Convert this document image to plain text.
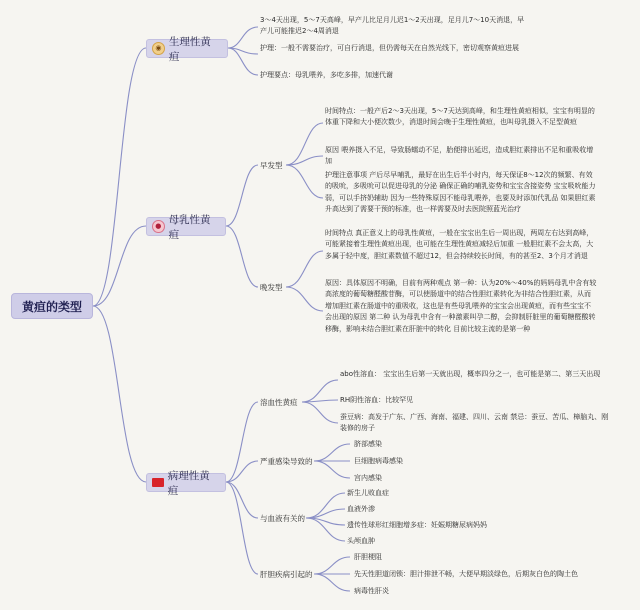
黄疸的类型
◉
生理性黄疸
3～4天出现，5～7天高峰，早产儿比足月儿迟1～2天出现，足月儿7～10天消退，早产儿可能推迟2～4周消退
护理：一般不需要治疗，可自行消退，但仍需每天在自然光线下，密切观察黄疸进展
护理要点：母乳喂养，多吃多排，加速代谢
●
母乳性黄疸
早发型
时间特点：一般产后2～3天出现，5～7天达到高峰，和生理性黄疸相似，宝宝有明显的体重下降和大小便次数少，消退时间会晚于生理性黄疸，也叫母乳摄入不足型黄疸
原因 喂养摄入不足，导致肠蠕动不足，胎便排出延迟，造成胆红素排出不足和重吸收增加
护理注意事项 产后尽早哺乳，最好在出生后半小时内，每天保证8～12次的频繁、有效的吸吮，多吸吮可以促进母乳的分泌 确保正确的哺乳姿势和宝宝含接姿势 宝宝吸吮能力弱，可以手挤奶辅助 因为一些特殊原因不能母乳喂养，也要及时添加代乳品 如果胆红素升高达到了需要干预的标准，也一样需要及时去医院照蓝光治疗
晚发型
时间特点 真正意义上的母乳性黄疸，一般在宝宝出生后一周出现，两周左右达到高峰，可能紧接着生理性黄疸出现，也可能在生理性黄疸减轻后加重 一般胆红素不会太高，大多属于轻中度，胆红素数值不超过12，但会持续较长时间，有的甚至2、3个月才消退
原因：具体原因不明确，目前有两种观点 第一种：认为20%～40%的妈妈母乳中含有较高浓度的葡萄糖醛酸苷酶，可以使肠道中的结合性胆红素转化为非结合性胆红素，从而增加胆红素在肠道中的重吸收，这也是有些母乳喂养的宝宝会出现黄疸，而有些宝宝不会出现的原因 第二种 认为母乳中含有一种激素叫孕二醇，会抑制肝脏里的葡萄糖醛酸转移酶，影响未结合胆红素在肝脏中的转化 目前比较主流的是第一种
■
病理性黄疸
溶血性黄疸
abo性溶血： 宝宝出生后第一天就出现，概率四分之一，也可能是第二、第三天出现
RH阴性溶血：比较罕见
蚕豆病：高发于广东、广西、海南、福建、四川、云南 禁忌：蚕豆、苦瓜、樟脑丸、刚装修的房子
严重感染导致的
脐部感染
巨细胞病毒感染
宫内感染
与血液有关的
新生儿败血症
血液外渗
遗传性球形红细胞增多症：妊娠期糖尿病妈妈
头颅血肿
肝胆疾病引起的
肝胆梗阻
先天性胆道闭锁：胆汁排泄不畅，大便早期淡绿色，后期灰白色的陶土色
病毒性肝炎
